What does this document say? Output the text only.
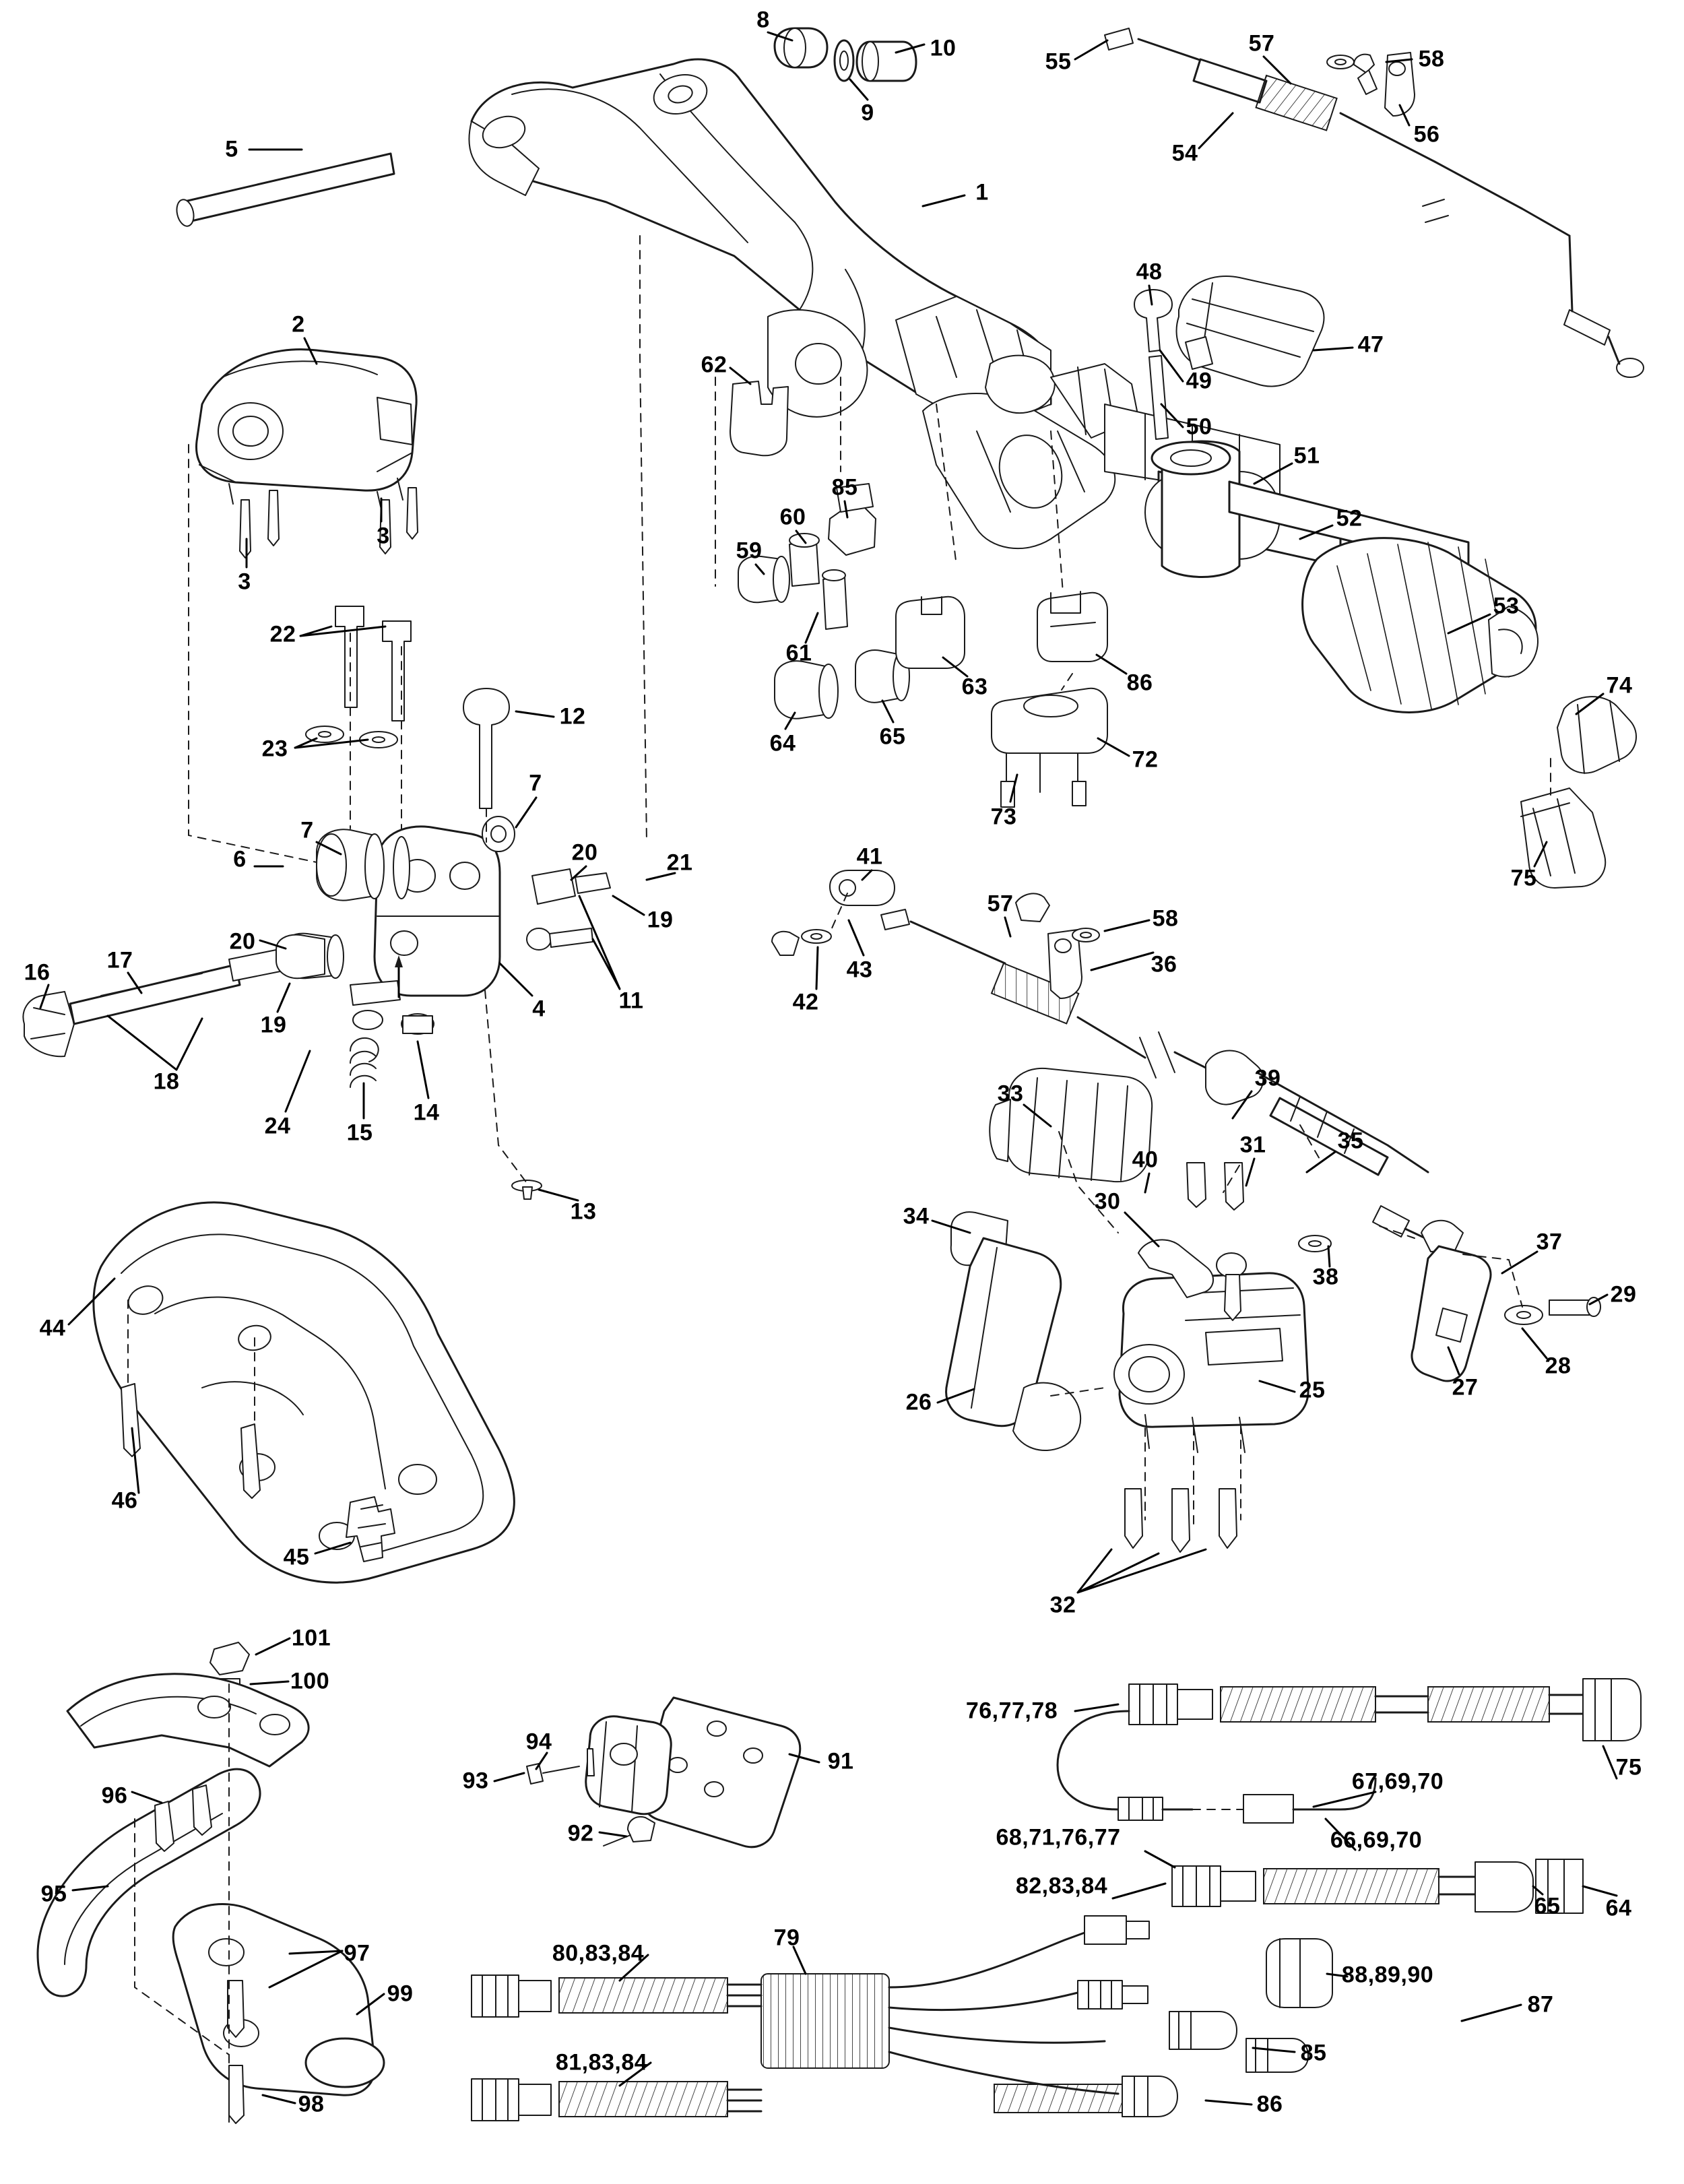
8
10
9
55
57
58
56
54
5
1
48
47
2
62
49
50
51
52
3
3
85
60
59
53
61
63	86	74
22
12
23	64	65
72
73
75
7
7
20	21
6
19
20
41
57
58
43
42
36
16 17
11
4
19
18
24 15
14
39
33
35
40
31
34
30
37
38
29
13
44
26	25
28
27
46
45
32
101
100
76,77,78
94
91
93
96
67,69,70
75
92	68,71,76,77	66,69,70
95	82,83,84
65 64
97
99
80,83,84
79
88,89,90
87
85
81,83,84
86
98
